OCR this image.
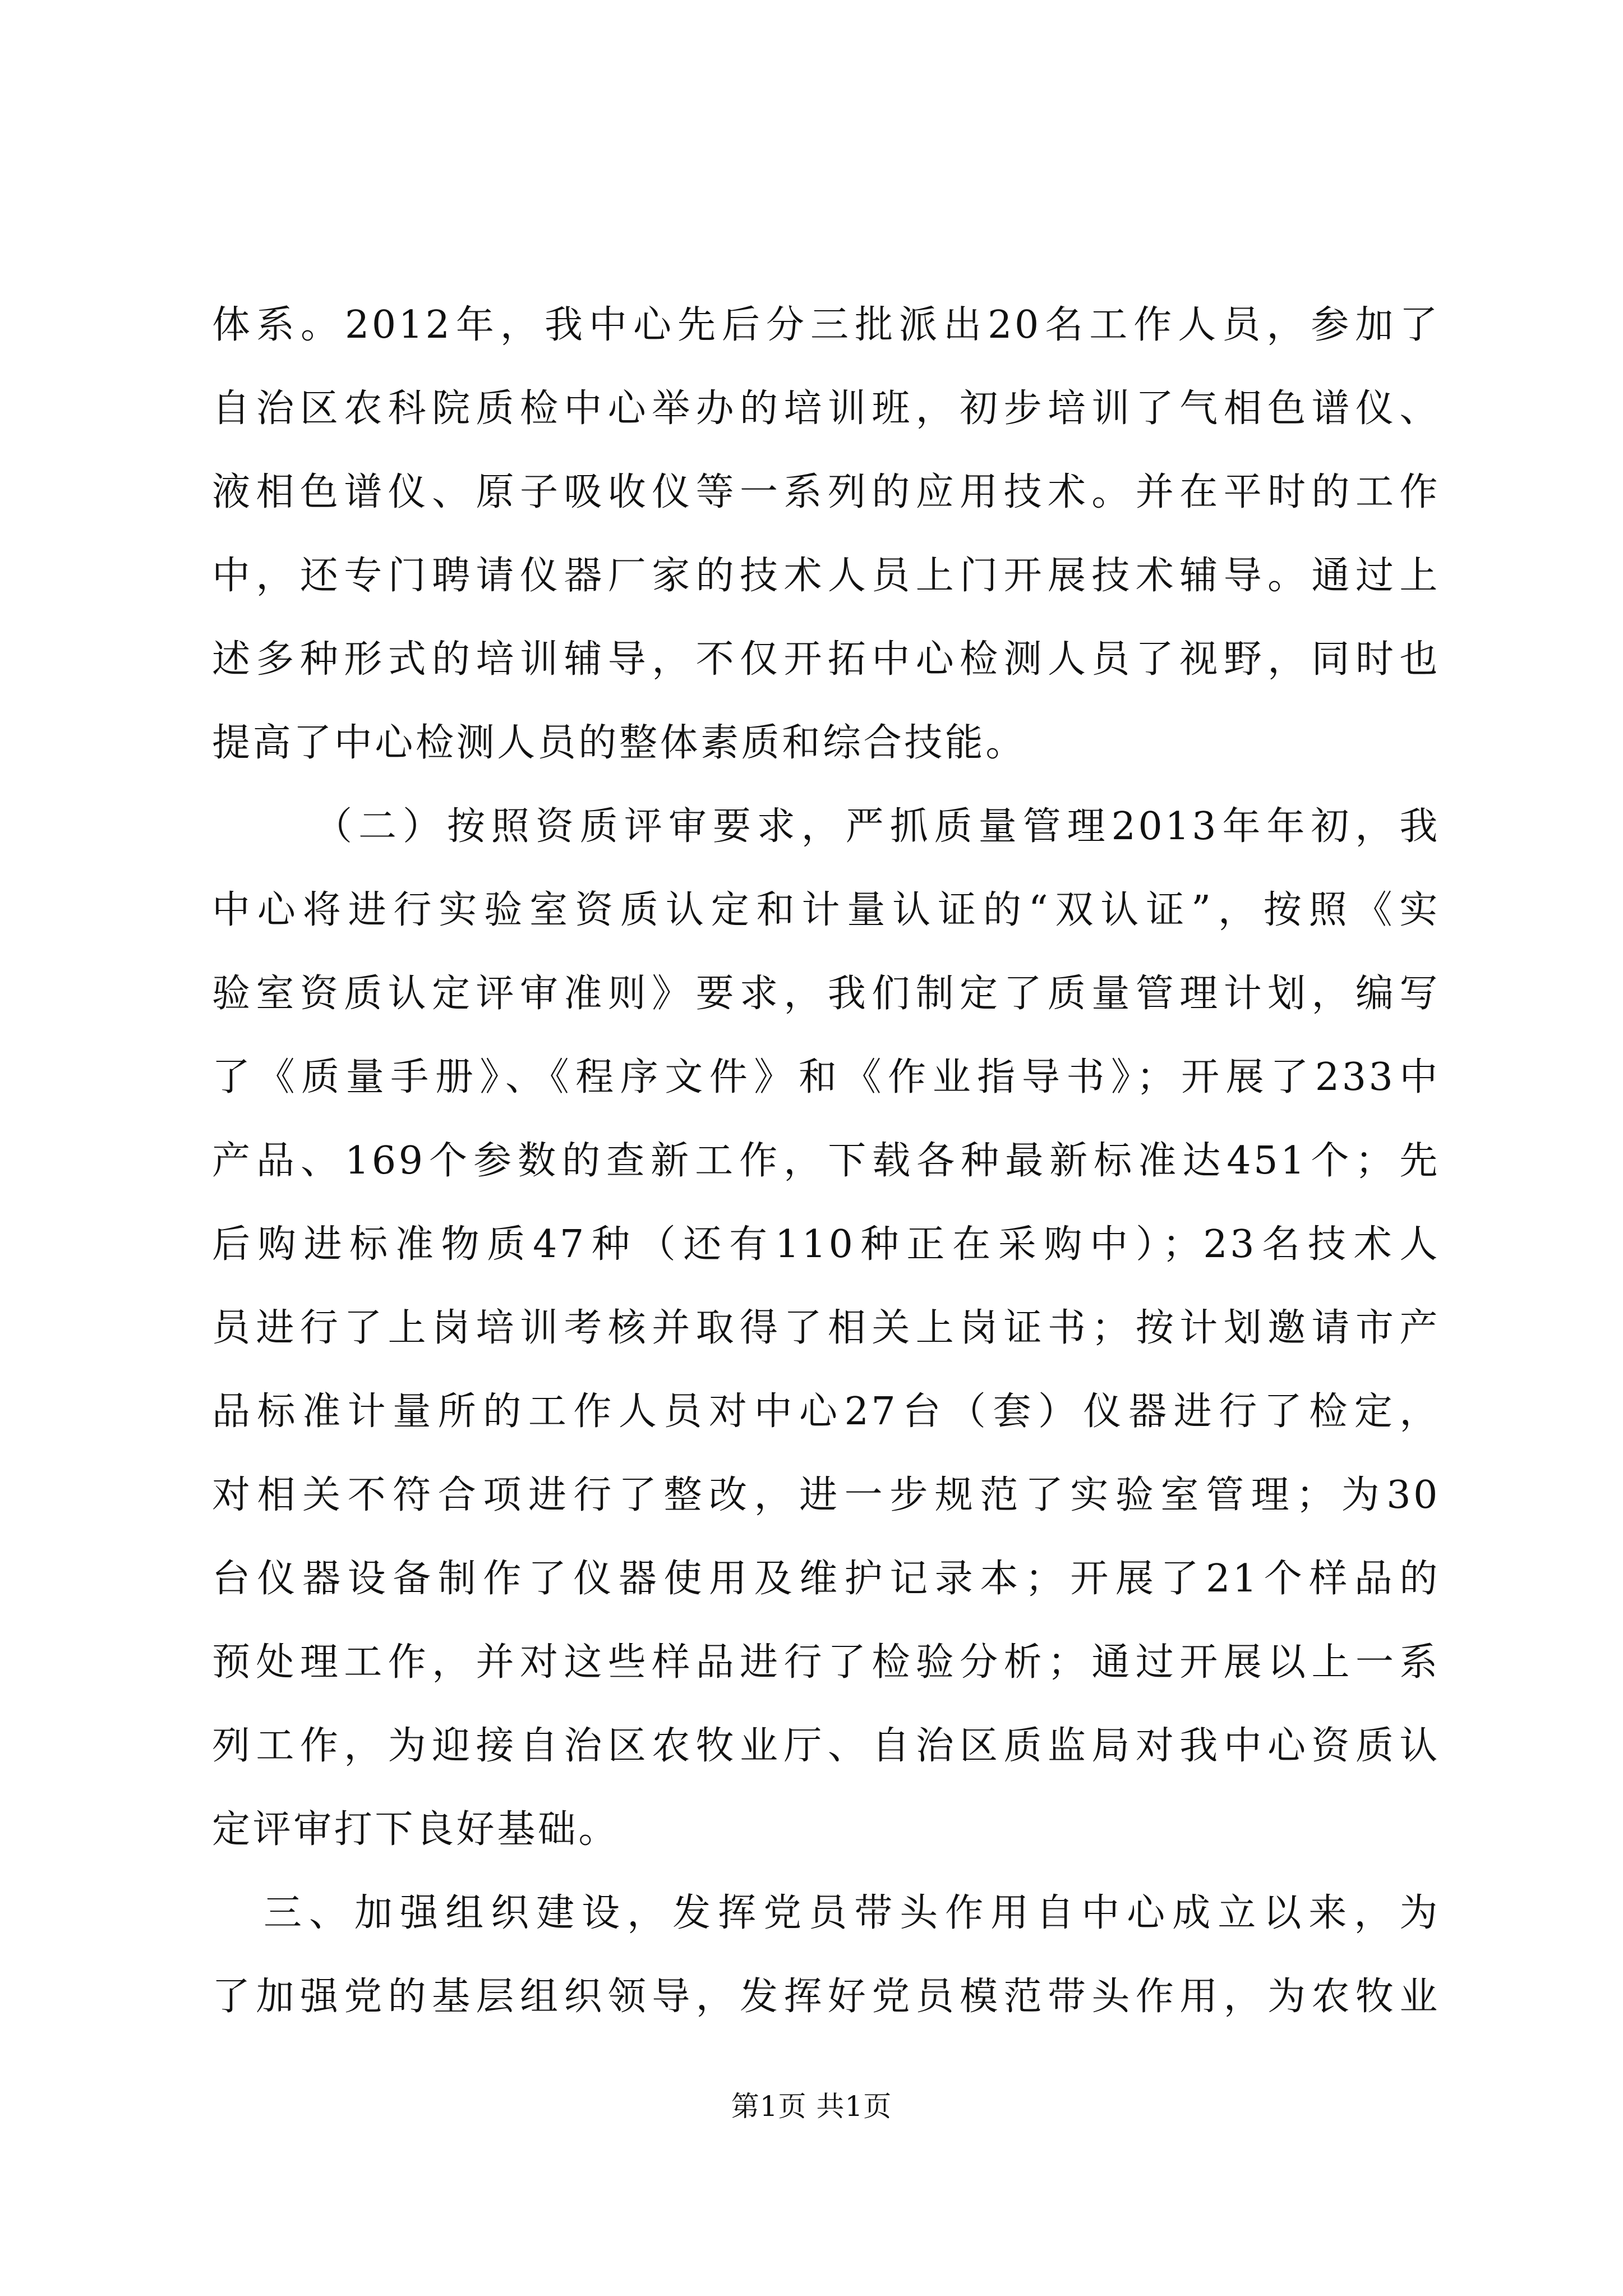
体系。2012年，我中心先后分三批派出20名工作人员，参加了
自治区农科院质检中心举办的培训班，初步培训了气相色谱仪、
液相色谱仪、原子吸收仪等一系列的应用技术。并在平时的工作
中，还专门聘请仪器厂家的技术人员上门开展技术辅导。通过上
述多种形式的培训辅导，不仅开拓中心检测人员了视野，同时也
提高了中心检测人员的整体素质和综合技能。
（二）按照资质评审要求，严抓质量管理2013年年初，我
中心将进行实验室资质认定和计量认证的“双认证”，按照《实
验室资质认定评审准则》要求，我们制定了质量管理计划，编写
了《质量手册》、《程序文件》和《作业指导书》；开展了233中
产品、169个参数的查新工作，下载各种最新标准达451个；先
后购进标准物质47种（还有110种正在采购中）；23名技术人
员进行了上岗培训考核并取得了相关上岗证书；按计划邀请市产
品标准计量所的工作人员对中心27台（套）仪器进行了检定，
对相关不符合项进行了整改，进一步规范了实验室管理；为30
台仪器设备制作了仪器使用及维护记录本；开展了21个样品的
预处理工作，并对这些样品进行了检验分析；通过开展以上一系
列工作，为迎接自治区农牧业厅、自治区质监局对我中心资质认
定评审打下良好基础。
三、加强组织建设，发挥党员带头作用自中心成立以来，为
了加强党的基层组织领导，发挥好党员模范带头作用，为农牧业
第1页 共1页
